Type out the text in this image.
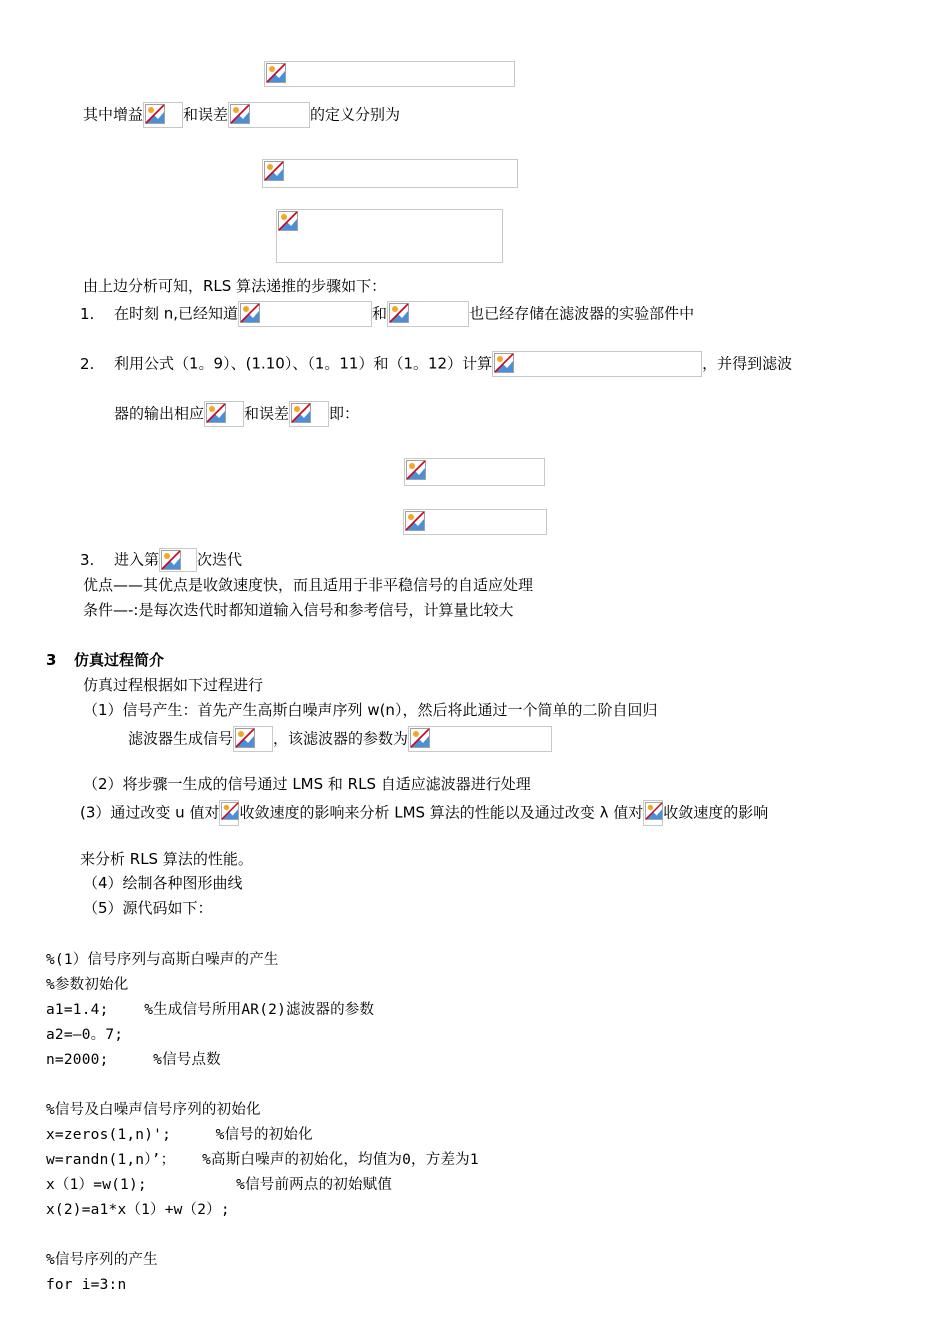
其中增益	和误差	的定义分别为
由上边分析可知，RLS 算法递推的步骤如下：
1. 在时刻 n,已经知道	和	也已经存储在滤波器的实验部件中
2. 利用公式（1。9）、(1.10）、（1。11）和（1。12）计算	，并得到滤波
器的输出相应	和误差	即：
3. 进入第	次迭代
优点——其优点是收敛速度快，而且适用于非平稳信号的自适应处理
条件—-:是每次迭代时都知道输入信号和参考信号，计算量比较大
3 仿真过程简介
仿真过程根据如下过程进行
（1）信号产生：首先产生高斯白噪声序列 w(n），然后将此通过一个简单的二阶自回归
滤波器生成信号	，该滤波器的参数为
（2）将步骤一生成的信号通过 LMS 和 RLS 自适应滤波器进行处理
(3）通过改变 u 值对 收敛速度的影响来分析 LMS 算法的性能以及通过改变 λ 值对 收敛速度的影响
来分析 RLS 算法的性能。
（4）绘制各种图形曲线
（5）源代码如下：
%(1）信号序列与高斯白噪声的产生
%参数初始化
a1=1.4;    %生成信号所用AR(2)滤波器的参数
a2=—0。7;
n=2000;     %信号点数
%信号及白噪声信号序列的初始化
x=zeros(1,n)';     %信号的初始化
w=randn(1,n）’；   %高斯白噪声的初始化，均值为0，方差为1
x（1）=w(1);          %信号前两点的初始赋值
x(2)=a1*x（1）+w（2）;
%信号序列的产生
for i=3:n
